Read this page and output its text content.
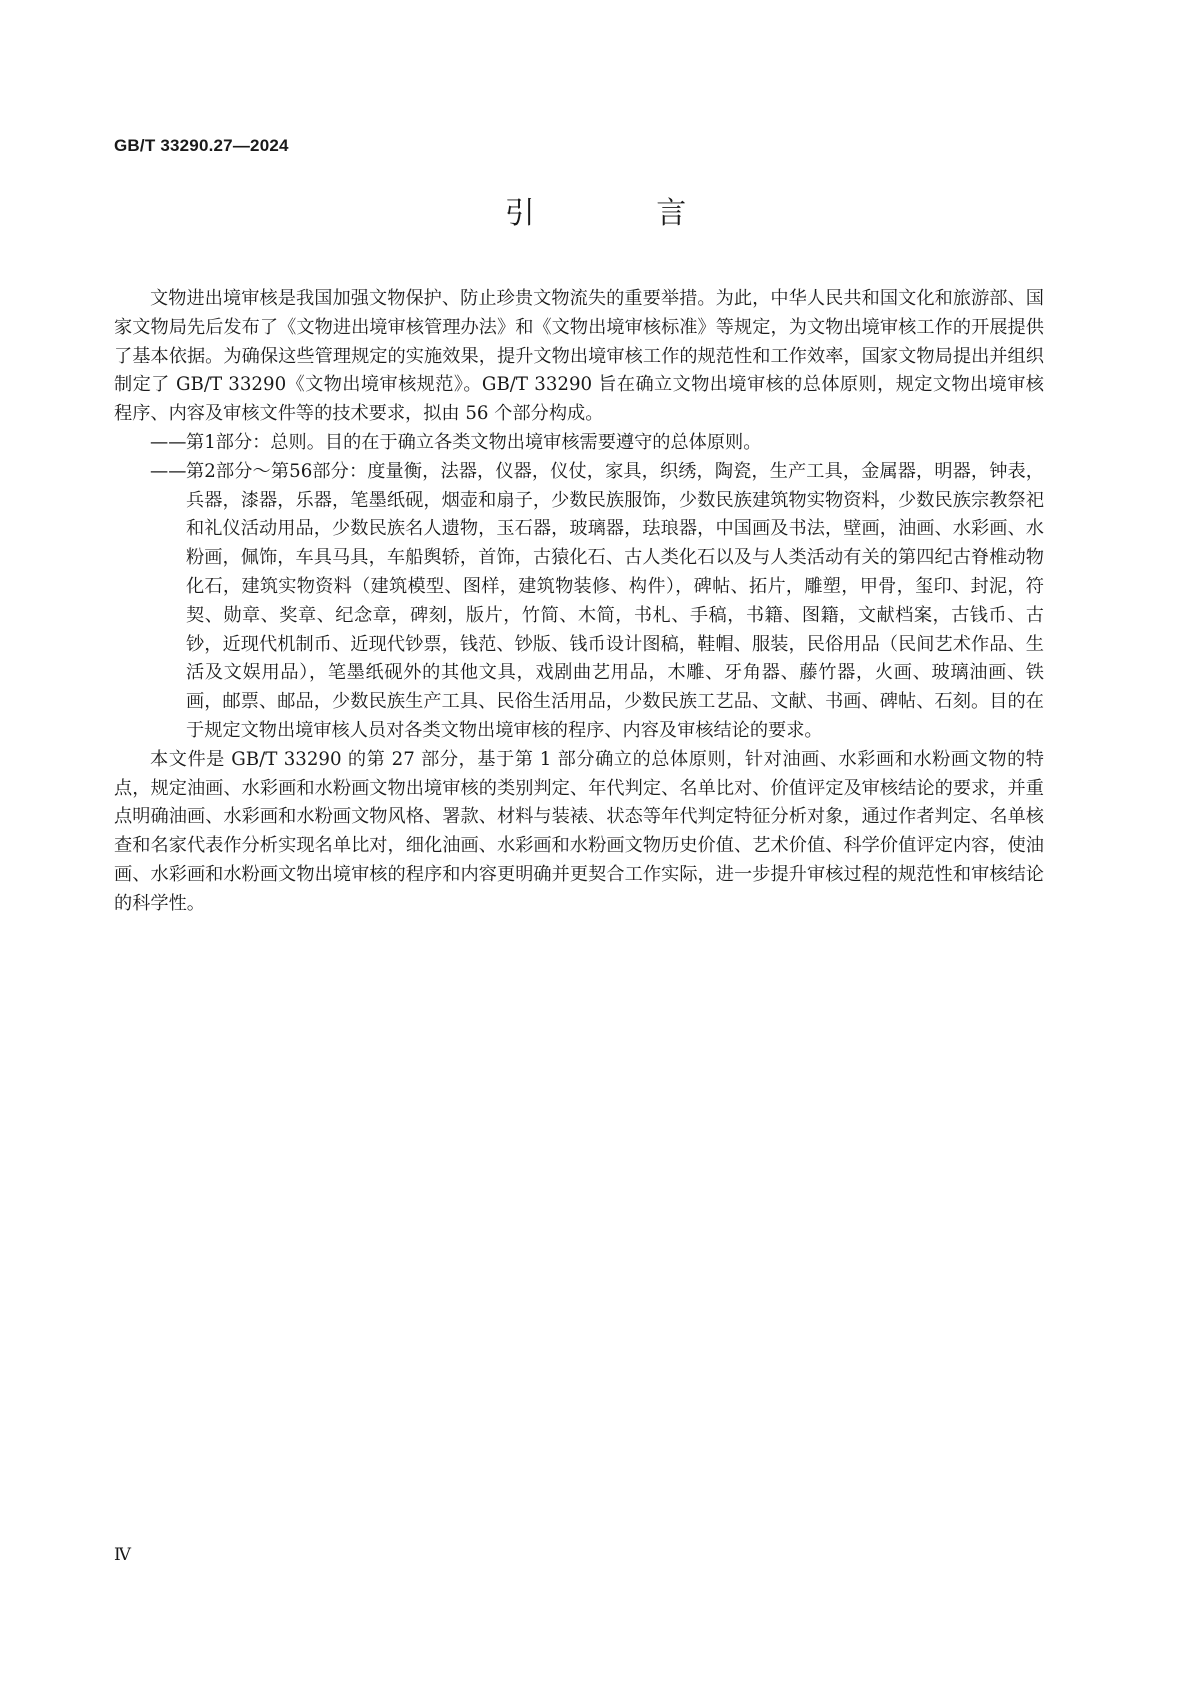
GB/T 33290.27—2024
引 言

文物进出境审核是我国加强文物保护、防止珍贵文物流失的重要举措。为此，中华人民共和国文化和旅游部、国家文物局先后发布了《文物进出境审核管理办法》和《文物出境审核标准》等规定，为文物出境审核工作的开展提供了基本依据。为确保这些管理规定的实施效果，提升文物出境审核工作的规范性和工作效率，国家文物局提出并组织制定了 GB/T 33290《文物出境审核规范》。GB/T 33290 旨在确立文物出境审核的总体原则，规定文物出境审核程序、内容及审核文件等的技术要求，拟由 56 个部分构成。

—— 第1部分：总则。目的在于确立各类文物出境审核需要遵守的总体原则。
—— 第2部分～第56部分：度量衡，法器，仪器，仪仗，家具，织绣，陶瓷，生产工具，金属器，明器，钟表，兵器，漆器，乐器，笔墨纸砚，烟壶和扇子，少数民族服饰，少数民族建筑物实物资料，少数民族宗教祭祀和礼仪活动用品，少数民族名人遗物，玉石器，玻璃器，珐琅器，中国画及书法，壁画，油画、水彩画、水粉画，佩饰，车具马具，车船舆轿，首饰，古猿化石、古人类化石以及与人类活动有关的第四纪古脊椎动物化石，建筑实物资料（建筑模型、图样，建筑物装修、构件），碑帖、拓片，雕塑，甲骨，玺印、封泥，符契、勋章、奖章、纪念章，碑刻，版片，竹简、木简，书札、手稿，书籍、图籍，文献档案，古钱币、古钞，近现代机制币、近现代钞票，钱范、钞版、钱币设计图稿，鞋帽、服装，民俗用品（民间艺术作品、生活及文娱用品），笔墨纸砚外的其他文具，戏剧曲艺用品，木雕、牙角器、藤竹器，火画、玻璃油画、铁画，邮票、邮品，少数民族生产工具、民俗生活用品，少数民族工艺品、文献、书画、碑帖、石刻。目的在于规定文物出境审核人员对各类文物出境审核的程序、内容及审核结论的要求。

本文件是 GB/T 33290 的第 27 部分，基于第 1 部分确立的总体原则，针对油画、水彩画和水粉画文物的特点，规定油画、水彩画和水粉画文物出境审核的类别判定、年代判定、名单比对、价值评定及审核结论的要求，并重点明确油画、水彩画和水粉画文物风格、署款、材料与装裱、状态等年代判定特征分析对象，通过作者判定、名单核查和名家代表作分析实现名单比对，细化油画、水彩画和水粉画文物历史价值、艺术价值、科学价值评定内容，使油画、水彩画和水粉画文物出境审核的程序和内容更明确并更契合工作实际，进一步提升审核过程的规范性和审核结论的科学性。

Ⅳ
